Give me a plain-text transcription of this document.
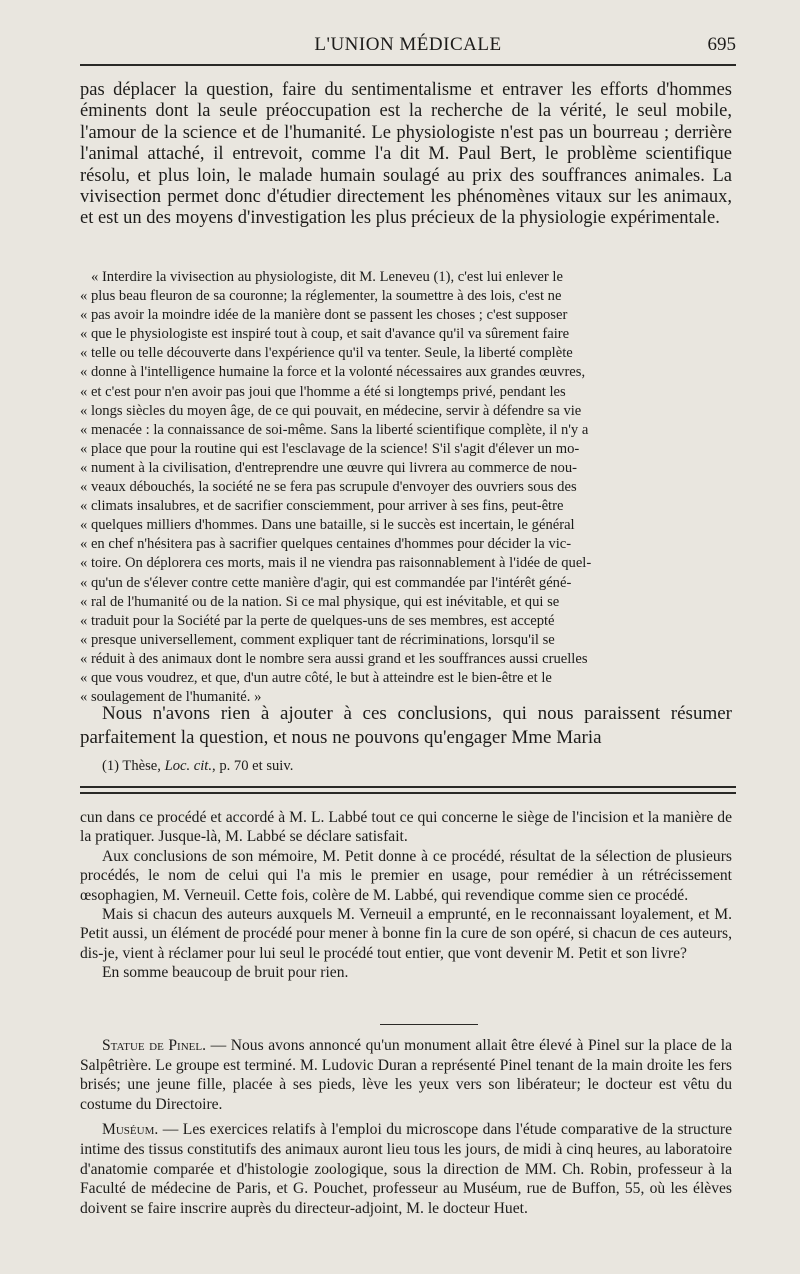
L'UNION MÉDICALE	695

pas déplacer la question, faire du sentimentalisme et entraver les efforts d'hommes éminents dont la seule préoccupation est la recherche de la vérité, le seul mobile, l'amour de la science et de l'humanité. Le physiologiste n'est pas un bourreau ; derrière l'animal attaché, il entrevoit, comme l'a dit M. Paul Bert, le problème scientifique résolu, et plus loin, le malade humain soulagé au prix des souffrances animales. La vivisection permet donc d'étudier directement les phénomènes vitaux sur les animaux, et est un des moyens d'investigation les plus précieux de la physiologie expérimentale.

« Interdire la vivisection au physiologiste, dit M. Leneveu (1), c'est lui enlever le
« plus beau fleuron de sa couronne; la réglementer, la soumettre à des lois, c'est ne
« pas avoir la moindre idée de la manière dont se passent les choses ; c'est supposer
« que le physiologiste est inspiré tout à coup, et sait d'avance qu'il va sûrement faire
« telle ou telle découverte dans l'expérience qu'il va tenter. Seule, la liberté complète
« donne à l'intelligence humaine la force et la volonté nécessaires aux grandes œuvres,
« et c'est pour n'en avoir pas joui que l'homme a été si longtemps privé, pendant les
« longs siècles du moyen âge, de ce qui pouvait, en médecine, servir à défendre sa vie
« menacée : la connaissance de soi-même. Sans la liberté scientifique complète, il n'y a
« place que pour la routine qui est l'esclavage de la science! S'il s'agit d'élever un mo-
« nument à la civilisation, d'entreprendre une œuvre qui livrera au commerce de nou-
« veaux débouchés, la société ne se fera pas scrupule d'envoyer des ouvriers sous des
« climats insalubres, et de sacrifier consciemment, pour arriver à ses fins, peut-être
« quelques milliers d'hommes. Dans une bataille, si le succès est incertain, le général
« en chef n'hésitera pas à sacrifier quelques centaines d'hommes pour décider la vic-
« toire. On déplorera ces morts, mais il ne viendra pas raisonnablement à l'idée de quel-
« qu'un de s'élever contre cette manière d'agir, qui est commandée par l'intérêt géné-
« ral de l'humanité ou de la nation. Si ce mal physique, qui est inévitable, et qui se
« traduit pour la Société par la perte de quelques-uns de ses membres, est accepté
« presque universellement, comment expliquer tant de récriminations, lorsqu'il se
« réduit à des animaux dont le nombre sera aussi grand et les souffrances aussi cruelles
« que vous voudrez, et que, d'un autre côté, le but à atteindre est le bien-être et le
« soulagement de l'humanité. »

Nous n'avons rien à ajouter à ces conclusions, qui nous paraissent résumer parfaitement la question, et nous ne pouvons qu'engager Mme Maria

(1) Thèse, Loc. cit., p. 70 et suiv.

cun dans ce procédé et accordé à M. L. Labbé tout ce qui concerne le siège de l'incision et la manière de la pratiquer. Jusque-là, M. Labbé se déclare satisfait.

Aux conclusions de son mémoire, M. Petit donne à ce procédé, résultat de la sélection de plusieurs procédés, le nom de celui qui l'a mis le premier en usage, pour remédier à un rétrécissement œsophagien, M. Verneuil. Cette fois, colère de M. Labbé, qui revendique comme sien ce procédé.

Mais si chacun des auteurs auxquels M. Verneuil a emprunté, en le reconnaissant loyalement, et M. Petit aussi, un élément de procédé pour mener à bonne fin la cure de son opéré, si chacun de ces auteurs, dis-je, vient à réclamer pour lui seul le procédé tout entier, que vont devenir M. Petit et son livre?

En somme beaucoup de bruit pour rien.

Statue de Pinel. — Nous avons annoncé qu'un monument allait être élevé à Pinel sur la place de la Salpêtrière. Le groupe est terminé. M. Ludovic Duran a représenté Pinel tenant de la main droite les fers brisés; une jeune fille, placée à ses pieds, lève les yeux vers son libérateur; le docteur est vêtu du costume du Directoire.

Muséum. — Les exercices relatifs à l'emploi du microscope dans l'étude comparative de la structure intime des tissus constitutifs des animaux auront lieu tous les jours, de midi à cinq heures, au laboratoire d'anatomie comparée et d'histologie zoologique, sous la direction de MM. Ch. Robin, professeur à la Faculté de médecine de Paris, et G. Pouchet, professeur au Muséum, rue de Buffon, 55, où les élèves doivent se faire inscrire auprès du directeur-adjoint, M. le docteur Huet.
